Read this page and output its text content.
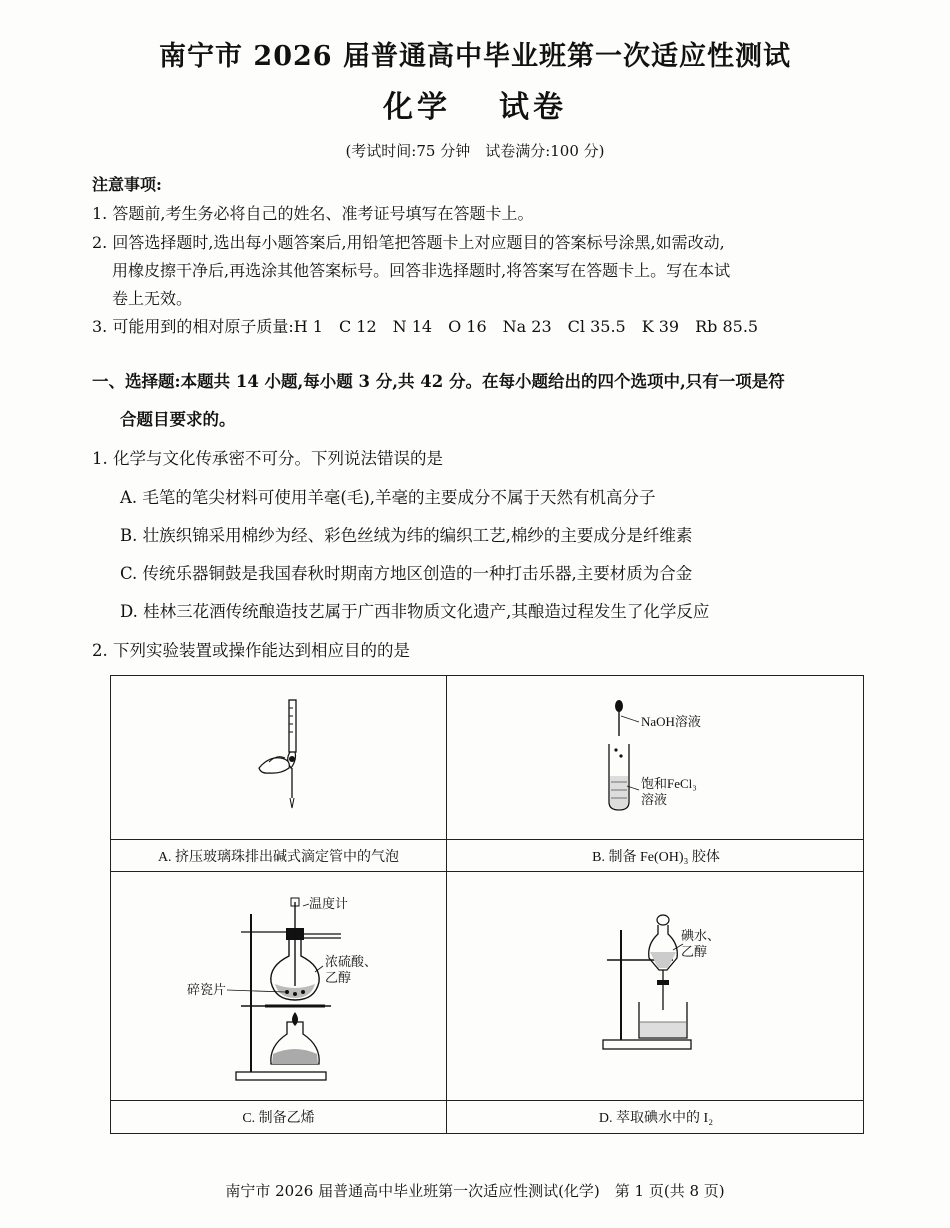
南宁市 2026 届普通高中毕业班第一次适应性测试
化学 试卷
(考试时间:75 分钟　试卷满分:100 分)
注意事项:
1. 答题前,考生务必将自己的姓名、准考证号填写在答题卡上。
2. 回答选择题时,选出每小题答案后,用铅笔把答题卡上对应题目的答案标号涂黑,如需改动,
用橡皮擦干净后,再选涂其他答案标号。回答非选择题时,将答案写在答题卡上。写在本试
卷上无效。
3. 可能用到的相对原子质量:H 1　C 12　N 14　O 16　Na 23　Cl 35.5　K 39　Rb 85.5
一、选择题:本题共 14 小题,每小题 3 分,共 42 分。在每小题给出的四个选项中,只有一项是符
合题目要求的。
1. 化学与文化传承密不可分。下列说法错误的是
A. 毛笔的笔尖材料可使用羊毫(毛),羊毫的主要成分不属于天然有机高分子
B. 壮族织锦采用棉纱为经、彩色丝绒为纬的编织工艺,棉纱的主要成分是纤维素
C. 传统乐器铜鼓是我国春秋时期南方地区创造的一种打击乐器,主要材质为合金
D. 桂林三花酒传统酿造技艺属于广西非物质文化遗产,其酿造过程发生了化学反应
2. 下列实验装置或操作能达到相应目的的是
NaOH溶液
饱和FeCl₃
溶液
温度计
浓硫酸、
乙醇
碎瓷片
碘水、
乙醇
A. 挤压玻璃珠排出碱式滴定管中的气泡	B. 制备 Fe(OH)₃ 胶体
C. 制备乙烯	D. 萃取碘水中的 I₂
南宁市 2026 届普通高中毕业班第一次适应性测试(化学)　第 1 页(共 8 页)
